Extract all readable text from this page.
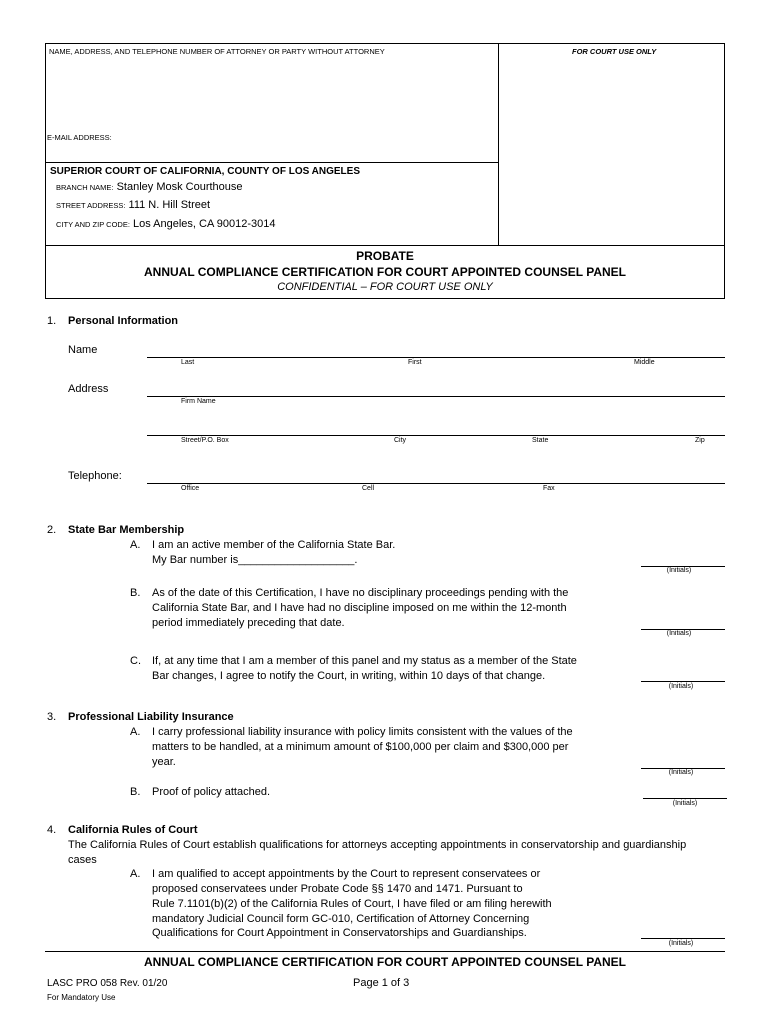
NAME, ADDRESS, AND TELEPHONE NUMBER OF ATTORNEY OR PARTY WITHOUT ATTORNEY	FOR COURT USE ONLY
E-MAIL ADDRESS:
SUPERIOR COURT OF CALIFORNIA, COUNTY OF LOS ANGELES
BRANCH NAME: Stanley Mosk Courthouse
STREET ADDRESS: 111 N. Hill Street
CITY AND ZIP CODE: Los Angeles, CA 90012-3014
PROBATE
ANNUAL COMPLIANCE CERTIFICATION FOR COURT APPOINTED COUNSEL PANEL
CONFIDENTIAL – FOR COURT USE ONLY
1. Personal Information
Name
Last	First	Middle
Address
Firm Name
Street/P.O. Box	City	State	Zip
Telephone:
Office	Cell	Fax
2. State Bar Membership
A. I am an active member of the California State Bar.
My Bar number is___________________.
(Initials)
B. As of the date of this Certification, I have no disciplinary proceedings pending with the
California State Bar, and I have had no discipline imposed on me within the 12-month
period immediately preceding that date.
(Initials)
C. If, at any time that I am a member of this panel and my status as a member of the State
Bar changes, I agree to notify the Court, in writing, within 10 days of that change.
(Initials)
3. Professional Liability Insurance
A. I carry professional liability insurance with policy limits consistent with the values of the
matters to be handled, at a minimum amount of $100,000 per claim and $300,000 per
year.
(Initials)
B. Proof of policy attached.
(Initials)
4. California Rules of Court
The California Rules of Court establish qualifications for attorneys accepting appointments in conservatorship and guardianship
cases
A. I am qualified to accept appointments by the Court to represent conservatees or
proposed conservatees under Probate Code §§ 1470 and 1471. Pursuant to
Rule 7.1101(b)(2) of the California Rules of Court, I have filed or am filing herewith
mandatory Judicial Council form GC-010, Certification of Attorney Concerning
Qualifications for Court Appointment in Conservatorships and Guardianships.
(Initials)
ANNUAL COMPLIANCE CERTIFICATION FOR COURT APPOINTED COUNSEL PANEL
LASC PRO 058 Rev. 01/20
For Mandatory Use
Page 1 of 3
